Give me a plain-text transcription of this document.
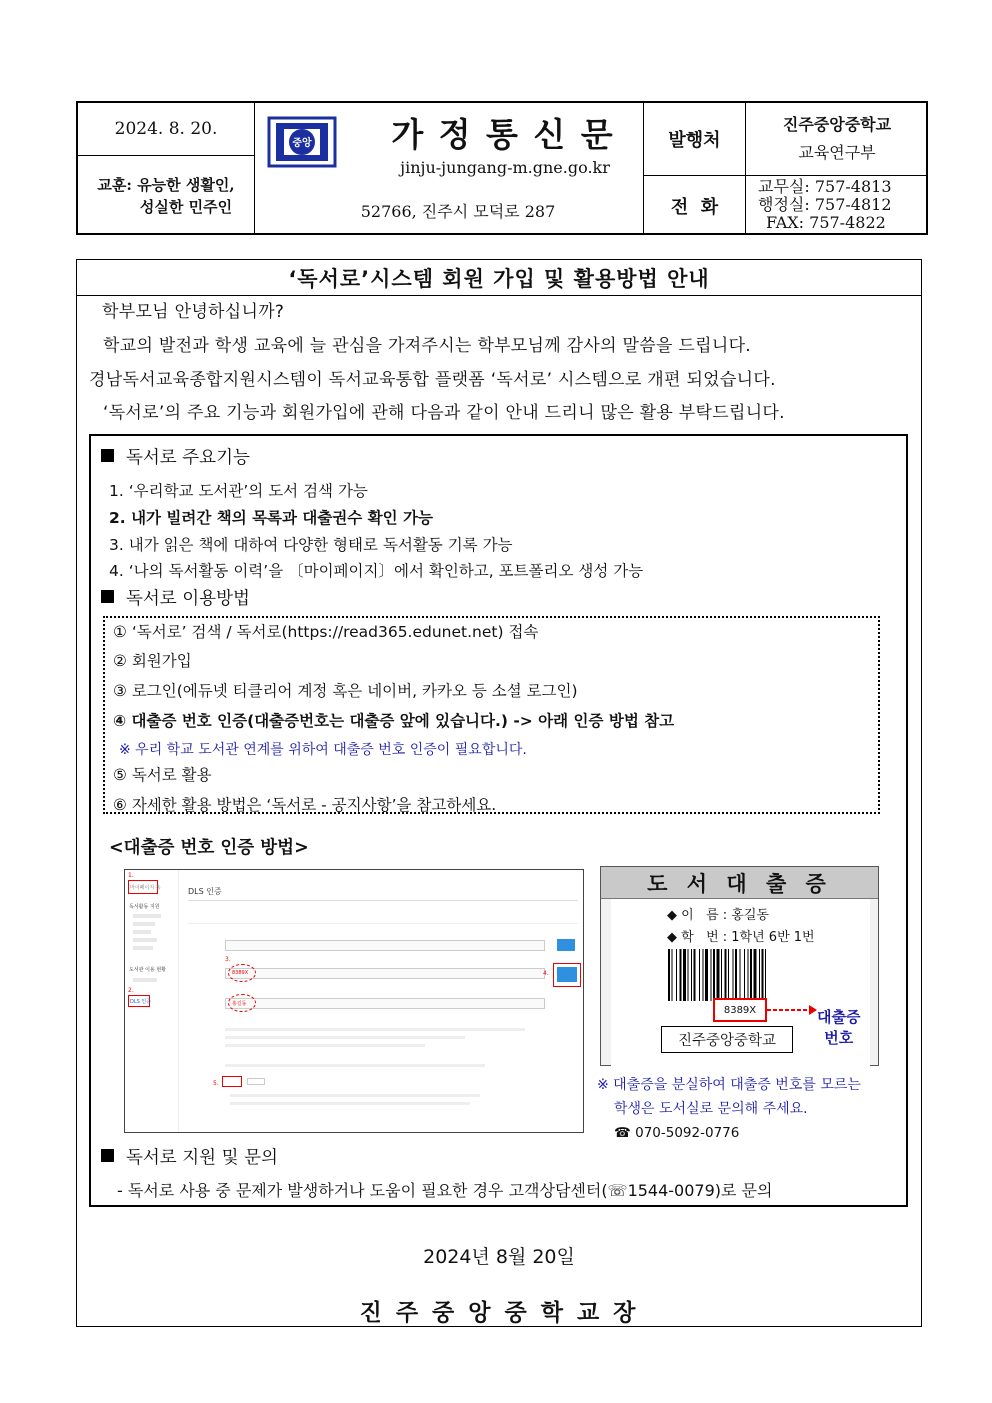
2024. 8. 20.
교훈: 유능한 생활인,
성실한 민주인
중앙	가 정 통 신 문
jinju-jungang-m.gne.go.kr
52766, 진주시 모덕로 287
발행처
진주중앙중학교
교육연구부
전  화
교무실: 757-4813
행정실: 757-4812
FAX: 757-4822
‘독서로’시스템 회원 가입 및 활용방법 안내
학부모님 안녕하십니까?
학교의 발전과 학생 교육에 늘 관심을 가져주시는 학부모님께 감사의 말씀을 드립니다.
경남독서교육종합지원시스템이 독서교육통합 플랫폼 ‘독서로’ 시스템으로 개편 되었습니다.
‘독서로’의 주요 기능과 회원가입에 관해 다음과 같이 안내 드리니 많은 활용 부탁드립니다.
독서로 주요기능
1. ‘우리학교 도서관’의 도서 검색 가능
2. 내가 빌려간 책의 목록과 대출권수 확인 가능
3. 내가 읽은 책에 대하여 다양한 형태로 독서활동 기록 가능
4. ‘나의 독서활동 이력’을 〔마이페이지〕에서 확인하고, 포트폴리오 생성 가능
독서로 이용방법
① ‘독서로’ 검색 / 독서로(https://read365.edunet.net) 접속
② 회원가입
③ 로그인(에듀넷 티클리어 계정 혹은 네이버, 카카오 등 소셜 로그인)
④ 대출증 번호 인증(대출증번호는 대출증 앞에 있습니다.) -> 아래 인증 방법 참고
※ 우리 학교 도서관 연계를 위하여 대출증 번호 인증이 필요합니다.
⑤ 독서로 활용
⑥ 자세한 활용 방법은 ‘독서로 - 공지사항’을 참고하세요.
<대출증 번호 인증 방법>
1.
마이페이지 홈
독서활동 지원
도서관 이용 현황
2.
DLS 인증
DLS 인증
3.
8389X	4.
홍길동
5.
도 서 대 출 증
◆ 이   름 : 홍길동
◆ 학   번 : 1학년 6반 1번
8389X
진주중앙중학교
대출증
번호
※ 대출증을 분실하여 대출증 번호를 모르는
학생은 도서실로 문의해 주세요.
☎ 070-5092-0776
독서로 지원 및 문의
- 독서로 사용 중 문제가 발생하거나 도움이 필요한 경우 고객상담센터(☏1544-0079)로 문의
2024년 8월 20일
진 주 중 앙 중 학 교 장
